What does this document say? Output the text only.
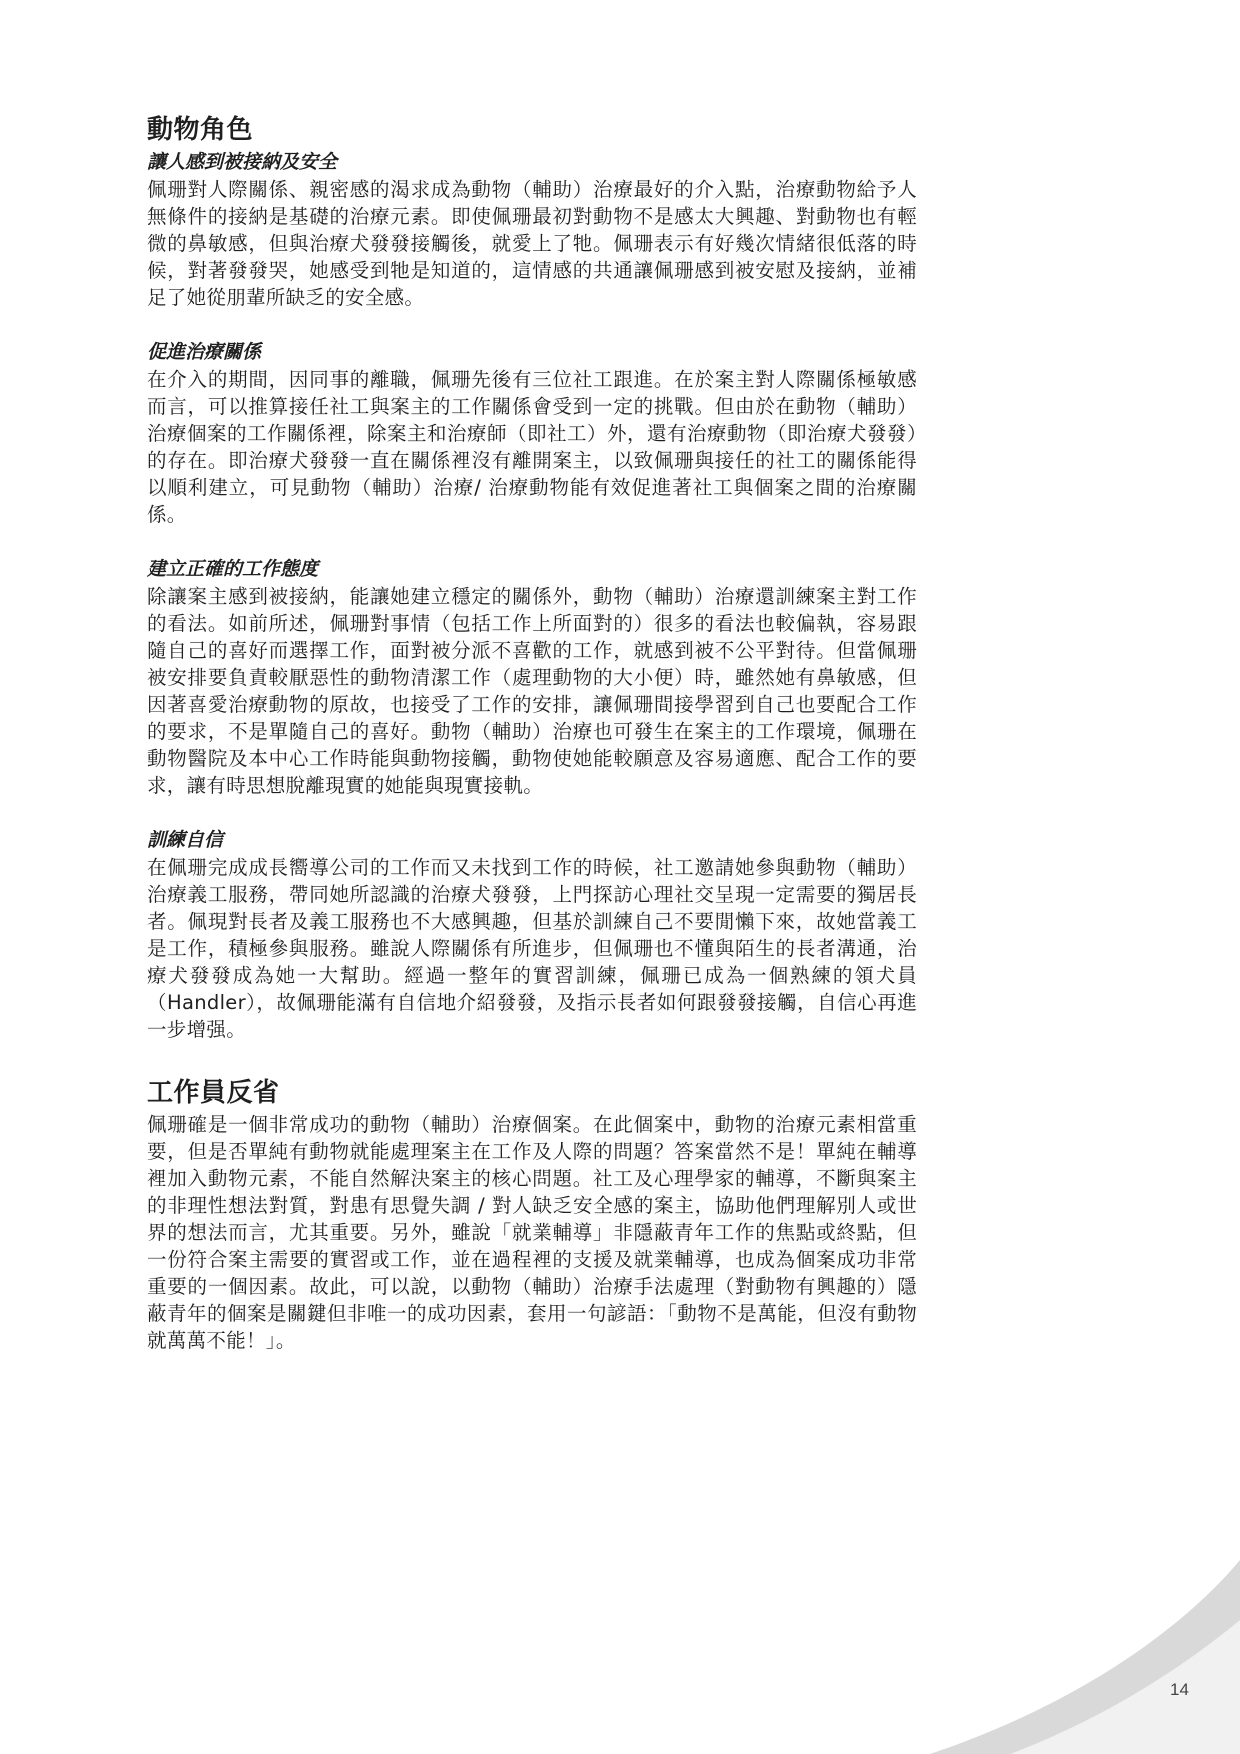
動物角色

讓人感到被接納及安全

佩珊對人際關係、親密感的渴求成為動物（輔助）治療最好的介入點，治療動物給予人無條件的接納是基礎的治療元素。即使佩珊最初對動物不是感太大興趣、對動物也有輕微的鼻敏感，但與治療犬發發接觸後，就愛上了牠。佩珊表示有好幾次情緒很低落的時候，對著發發哭，她感受到牠是知道的，這情感的共通讓佩珊感到被安慰及接納，並補足了她從朋輩所缺乏的安全感。

促進治療關係

在介入的期間，因同事的離職，佩珊先後有三位社工跟進。在於案主對人際關係極敏感而言，可以推算接任社工與案主的工作關係會受到一定的挑戰。但由於在動物（輔助）治療個案的工作關係裡，除案主和治療師（即社工）外，還有治療動物（即治療犬發發）的存在。即治療犬發發一直在關係裡沒有離開案主，以致佩珊與接任的社工的關係能得以順利建立，可見動物（輔助）治療/ 治療動物能有效促進著社工與個案之間的治療關係。

建立正確的工作態度

除讓案主感到被接納，能讓她建立穩定的關係外，動物（輔助）治療還訓練案主對工作的看法。如前所述，佩珊對事情（包括工作上所面對的）很多的看法也較偏執，容易跟隨自己的喜好而選擇工作，面對被分派不喜歡的工作，就感到被不公平對待。但當佩珊被安排要負責較厭惡性的動物清潔工作（處理動物的大小便）時，雖然她有鼻敏感，但因著喜愛治療動物的原故，也接受了工作的安排，讓佩珊間接學習到自己也要配合工作的要求，不是單隨自己的喜好。動物（輔助）治療也可發生在案主的工作環境，佩珊在動物醫院及本中心工作時能與動物接觸，動物使她能較願意及容易適應、配合工作的要求，讓有時思想脫離現實的她能與現實接軌。

訓練自信

在佩珊完成成長嚮導公司的工作而又未找到工作的時候，社工邀請她參與動物（輔助）治療義工服務，帶同她所認識的治療犬發發，上門探訪心理社交呈現一定需要的獨居長者。佩現對長者及義工服務也不大感興趣，但基於訓練自己不要閒懶下來，故她當義工是工作，積極參與服務。雖說人際關係有所進步，但佩珊也不懂與陌生的長者溝通，治療犬發發成為她一大幫助。經過一整年的實習訓練，佩珊已成為一個熟練的領犬員（Handler），故佩珊能滿有自信地介紹發發，及指示長者如何跟發發接觸，自信心再進一步增强。

工作員反省

佩珊確是一個非常成功的動物（輔助）治療個案。在此個案中，動物的治療元素相當重要，但是否單純有動物就能處理案主在工作及人際的問題？答案當然不是！單純在輔導裡加入動物元素，不能自然解決案主的核心問題。社工及心理學家的輔導，不斷與案主的非理性想法對質，對患有思覺失調 / 對人缺乏安全感的案主，協助他們理解別人或世界的想法而言，尤其重要。另外，雖說「就業輔導」非隱蔽青年工作的焦點或終點，但一份符合案主需要的實習或工作，並在過程裡的支援及就業輔導，也成為個案成功非常重要的一個因素。故此，可以說，以動物（輔助）治療手法處理（對動物有興趣的）隱蔽青年的個案是關鍵但非唯一的成功因素，套用一句諺語：「動物不是萬能，但沒有動物就萬萬不能！」。

14
